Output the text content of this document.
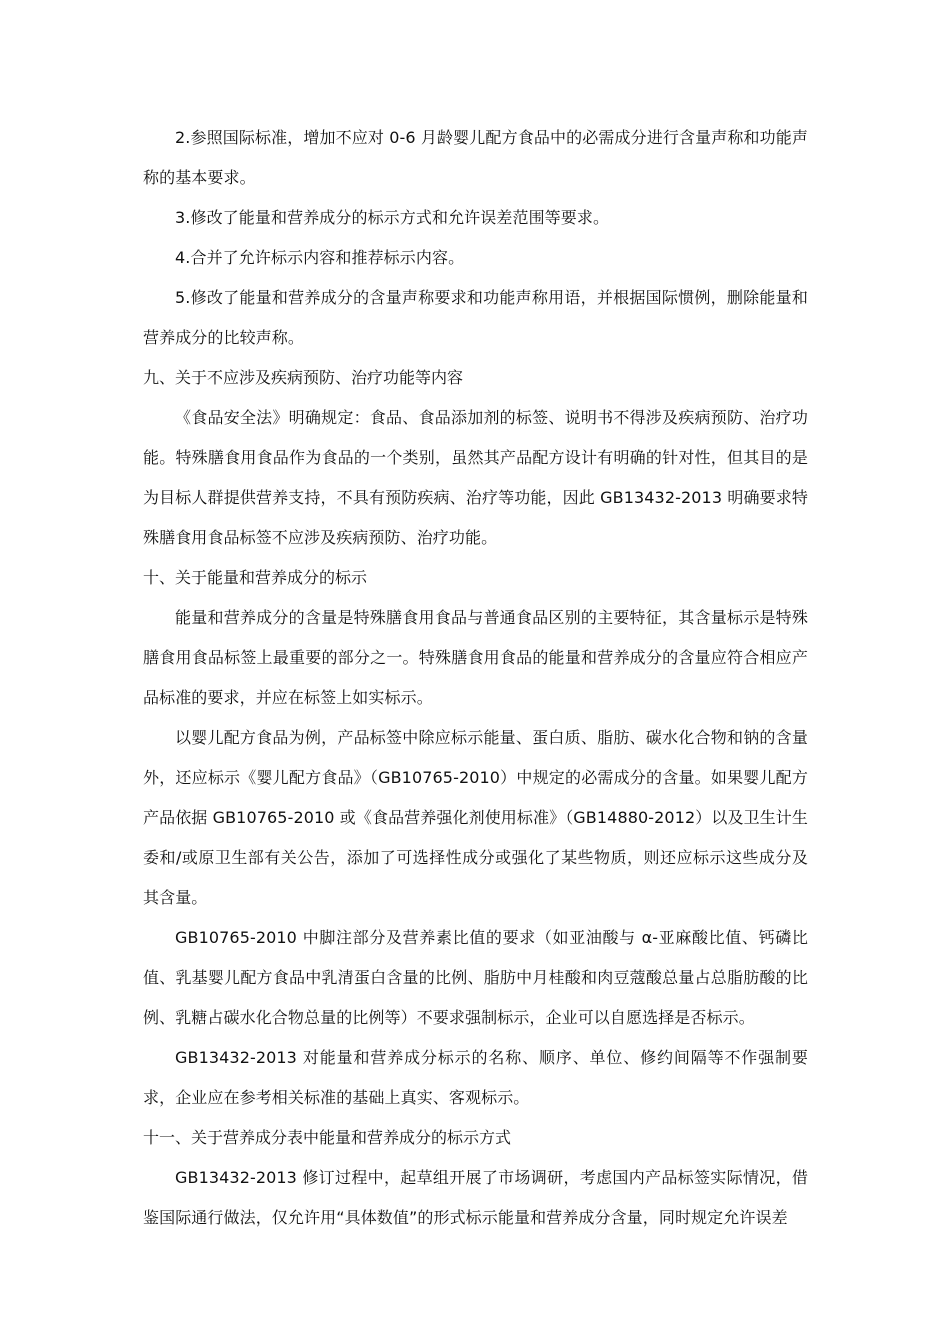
2.参照国际标准，增加不应对 0-6 月龄婴儿配方食品中的必需成分进行含量声称和功能声称的基本要求。

3.修改了能量和营养成分的标示方式和允许误差范围等要求。

4.合并了允许标示内容和推荐标示内容。

5.修改了能量和营养成分的含量声称要求和功能声称用语，并根据国际惯例，删除能量和营养成分的比较声称。

九、关于不应涉及疾病预防、治疗功能等内容

《食品安全法》明确规定：食品、食品添加剂的标签、说明书不得涉及疾病预防、治疗功能。特殊膳食用食品作为食品的一个类别，虽然其产品配方设计有明确的针对性，但其目的是为目标人群提供营养支持，不具有预防疾病、治疗等功能，因此 GB13432-2013 明确要求特殊膳食用食品标签不应涉及疾病预防、治疗功能。

十、关于能量和营养成分的标示

能量和营养成分的含量是特殊膳食用食品与普通食品区别的主要特征，其含量标示是特殊膳食用食品标签上最重要的部分之一。特殊膳食用食品的能量和营养成分的含量应符合相应产品标准的要求，并应在标签上如实标示。

以婴儿配方食品为例，产品标签中除应标示能量、蛋白质、脂肪、碳水化合物和钠的含量外，还应标示《婴儿配方食品》（GB10765-2010）中规定的必需成分的含量。如果婴儿配方产品依据 GB10765-2010 或《食品营养强化剂使用标准》（GB14880-2012）以及卫生计生委和/或原卫生部有关公告，添加了可选择性成分或强化了某些物质，则还应标示这些成分及其含量。

GB10765-2010 中脚注部分及营养素比值的要求（如亚油酸与 α-亚麻酸比值、钙磷比值、乳基婴儿配方食品中乳清蛋白含量的比例、脂肪中月桂酸和肉豆蔻酸总量占总脂肪酸的比例、乳糖占碳水化合物总量的比例等）不要求强制标示，企业可以自愿选择是否标示。

GB13432-2013 对能量和营养成分标示的名称、顺序、单位、修约间隔等不作强制要求，企业应在参考相关标准的基础上真实、客观标示。

十一、关于营养成分表中能量和营养成分的标示方式

GB13432-2013 修订过程中，起草组开展了市场调研，考虑国内产品标签实际情况，借鉴国际通行做法，仅允许用“具体数值”的形式标示能量和营养成分含量，同时规定允许误差
